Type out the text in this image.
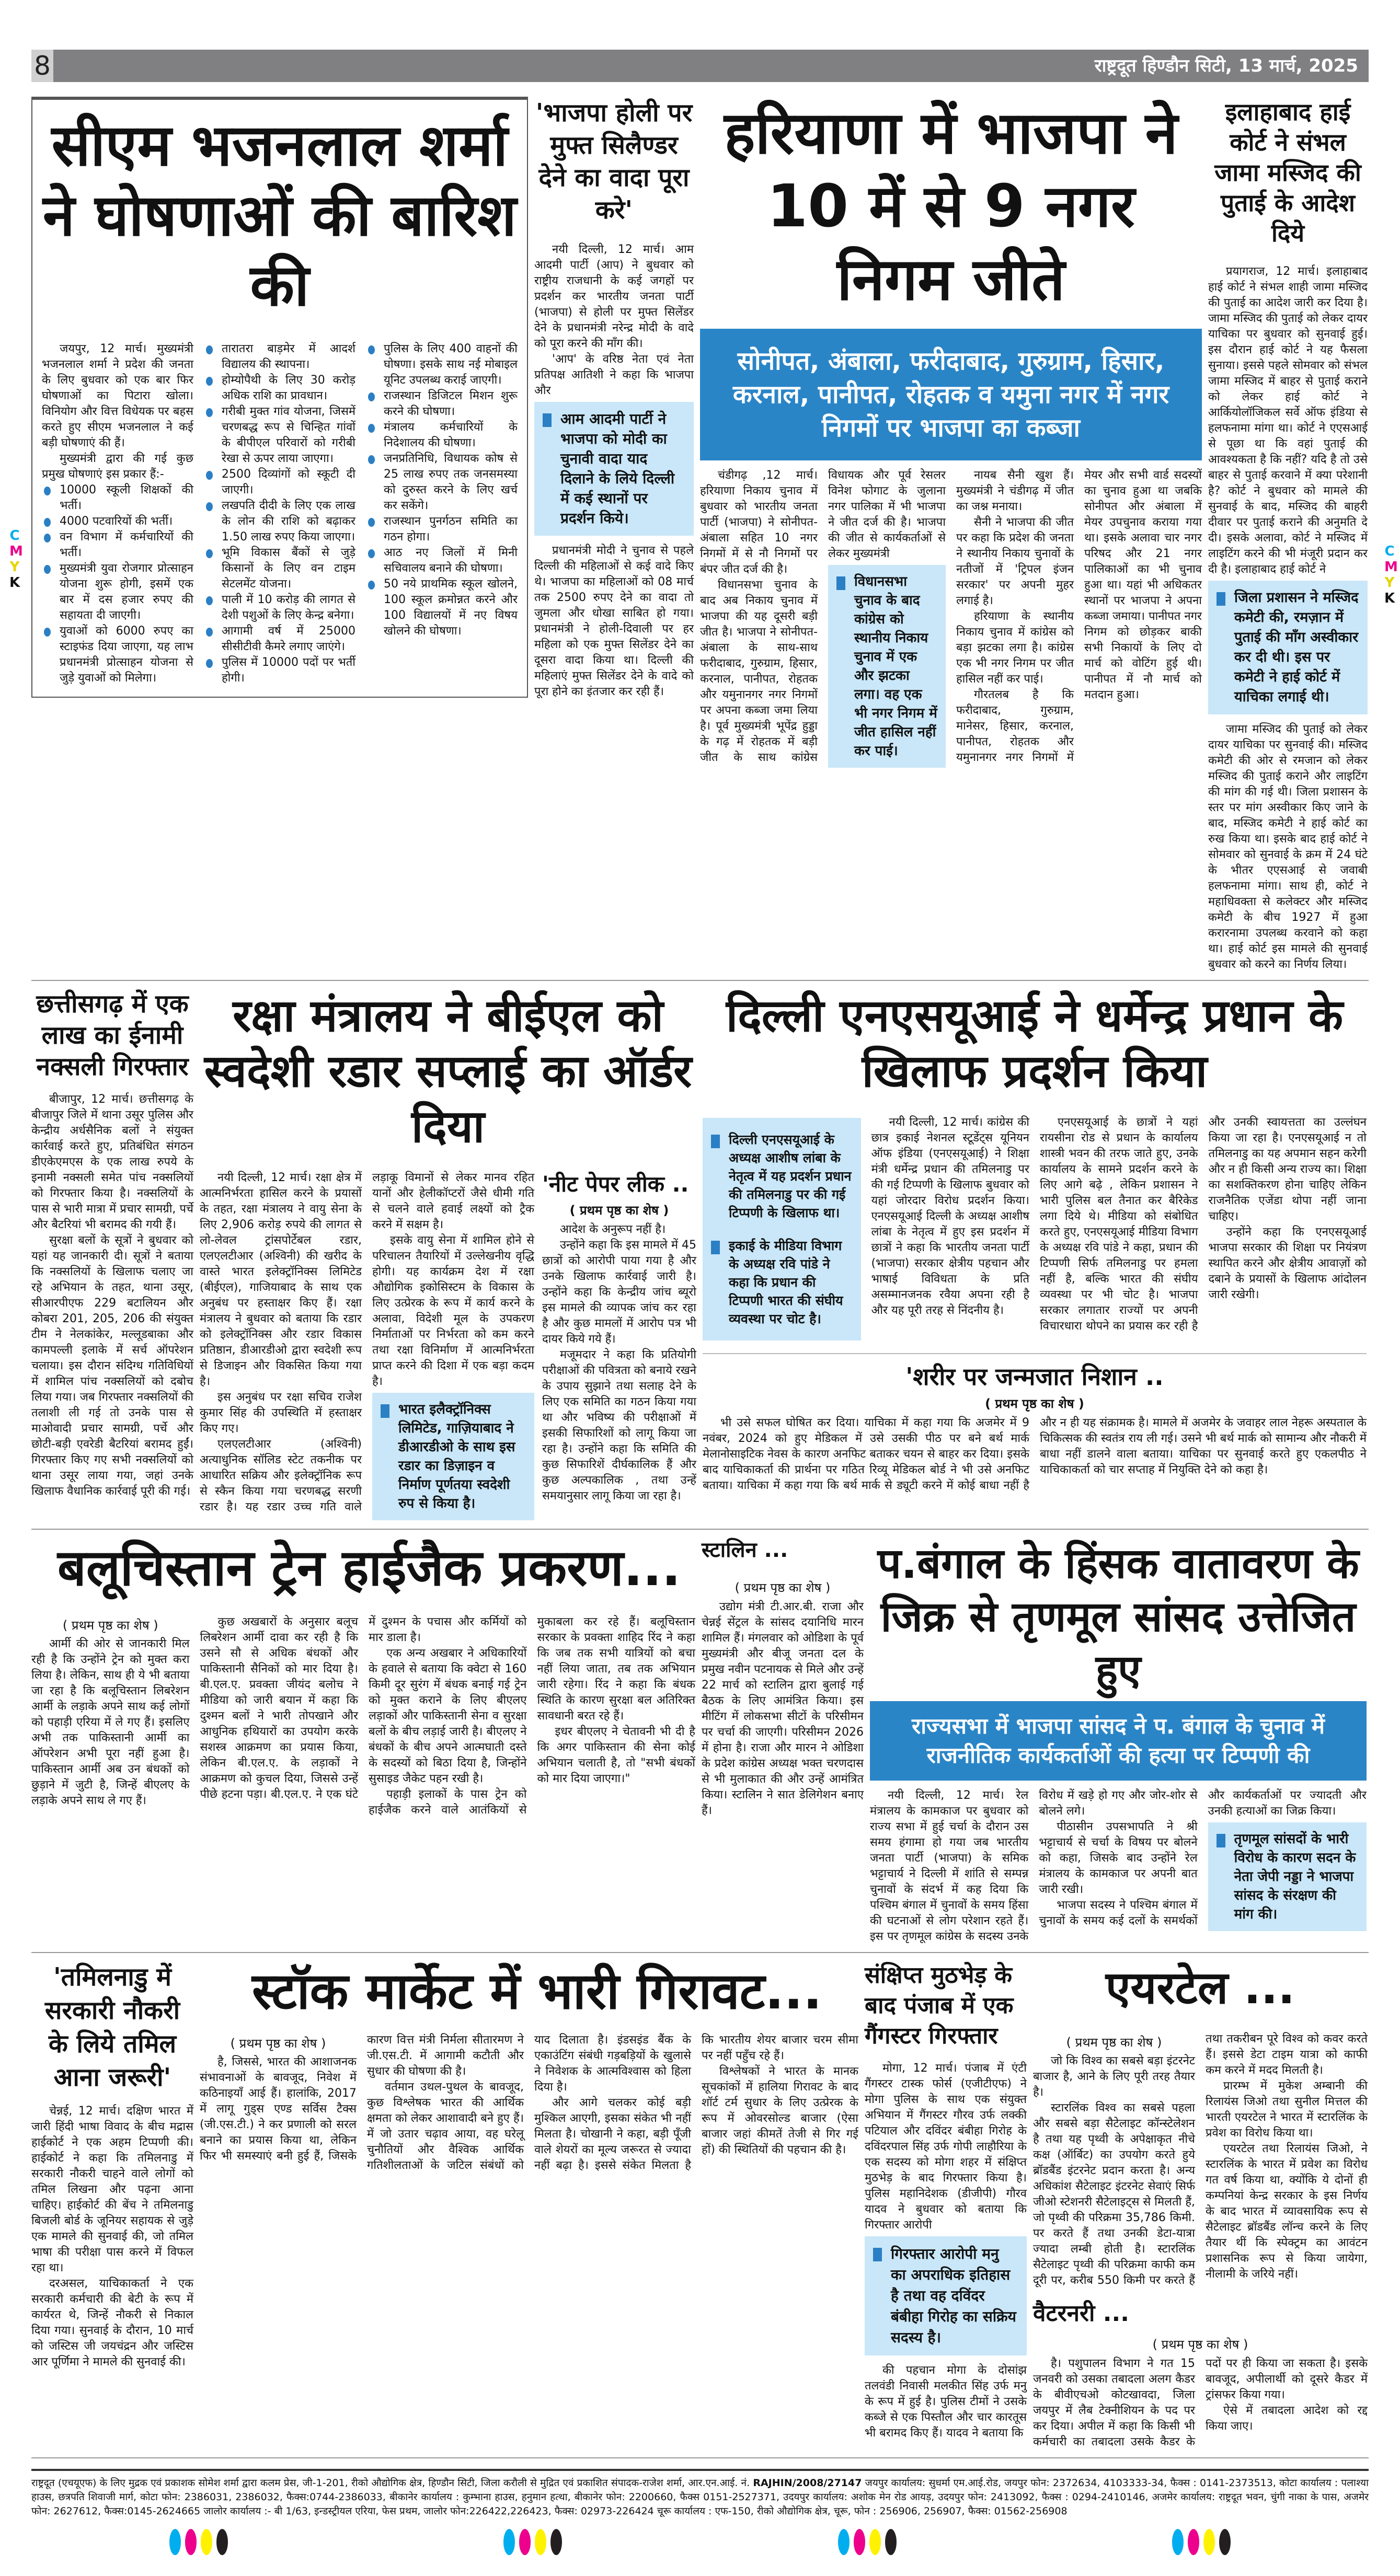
C
M
Y
K
C
M
Y
K
8	राष्ट्रदूत हिण्डौन सिटी, 13 मार्च, 2025
सीएम भजनलाल शर्मा ने घोषणाओं की बारिश की

जयपुर, 12 मार्च। मुख्यमंत्री भजनलाल शर्मा ने प्रदेश की जनता के लिए बुधवार को एक बार फिर घोषणाओं का पिटारा खोला। विनियोग और वित्त विधेयक पर बहस करते हुए सीएम भजनलाल ने कई बड़ी घोषणाएं की हैं।

मुख्यमंत्री द्वारा की गई कुछ प्रमुख घोषणाएं इस प्रकार हैं:-

10000 स्कूली शिक्षकों की भर्ती।

4000 पटवारियों की भर्ती।

वन विभाग में कर्मचारियों की भर्ती।

मुख्यमंत्री युवा रोजगार प्रोत्साहन योजना शुरू होगी, इसमें एक बार में दस हजार रुपए की सहायता दी जाएगी।

युवाओं को 6000 रुपए का स्टाइफंड दिया जाएगा, यह लाभ प्रधानमंत्री प्रोत्साहन योजना से जुड़े युवाओं को मिलेगा।

तारातरा बाड़मेर में आदर्श विद्यालय की स्थापना।

होम्योपैथी के लिए 30 करोड़ अधिक राशि का प्रावधान।

गरीबी मुक्त गांव योजना, जिसमें चरणबद्ध रूप से चिन्हित गांवों के बीपीएल परिवारों को गरीबी रेखा से ऊपर लाया जाएगा।

2500 दिव्यांगों को स्कूटी दी जाएगी।

लखपति दीदी के लिए एक लाख के लोन की राशि को बढ़ाकर 1.50 लाख रुपए किया जाएगा।

भूमि विकास बैंकों से जुड़े किसानों के लिए वन टाइम सेटलमेंट योजना।

पाली में 10 करोड़ की लागत से देशी पशुओं के लिए केन्द्र बनेगा।

आगामी वर्ष में 25000 सीसीटीवी कैमरे लगाए जाएंगे।

पुलिस में 10000 पदों पर भर्ती होगी।

पुलिस के लिए 400 वाहनों की घोषणा। इसके साथ नई मोबाइल यूनिट उपलब्ध कराई जाएगी।

राजस्थान डिजिटल मिशन शुरू करने की घोषणा।

मंत्रालय कर्मचारियों के निदेशालय की घोषणा।

जनप्रतिनिधि, विधायक कोष से 25 लाख रुपए तक जनसमस्या को दुरुस्त करने के लिए खर्च कर सकेंगे।

राजस्थान पुनर्गठन समिति का गठन होगा।

आठ नए जिलों में मिनी सचिवालय बनाने की घोषणा।

50 नये प्राथमिक स्कूल खोलने, 100 स्कूल क्रमोन्नत करने और 100 विद्यालयों में नए विषय खोलने की घोषणा।

'भाजपा होली पर मुफ्त सिलैण्डर देने का वादा पूरा करे'

नयी दिल्ली, 12 मार्च। आम आदमी पार्टी (आप) ने बुधवार को राष्ट्रीय राजधानी के कई जगहों पर प्रदर्शन कर भारतीय जनता पार्टी (भाजपा) से होली पर मुफ्त सिलेंडर देने के प्रधानमंत्री नरेन्द्र मोदी के वादे को पूरा करने की माँग की।

'आप' के वरिष्ठ नेता एवं नेता प्रतिपक्ष आतिशी ने कहा कि भाजपा और

आम आदमी पार्टी ने भाजपा को मोदी का चुनावी वादा याद दिलाने के लिये दिल्ली में कई स्थानों पर प्रदर्शन किये।

प्रधानमंत्री मोदी ने चुनाव से पहले दिल्ली की महिलाओं से कई वादे किए थे। भाजपा का महिलाओं को 08 मार्च तक 2500 रुपए देने का वादा तो जुमला और धोखा साबित हो गया। प्रधानमंत्री ने होली-दिवाली पर हर महिला को एक मुफ्त सिलेंडर देने का दूसरा वादा किया था। दिल्ली की महिलाएं मुफ्त सिलेंडर देने के वादे को पूरा होने का इंतजार कर रही हैं।

हरियाणा में भाजपा ने 10 में से 9 नगर निगम जीते
सोनीपत, अंबाला, फरीदाबाद, गुरुग्राम, हिसार, करनाल, पानीपत, रोहतक व यमुना नगर में नगर निगमों पर भाजपा का कब्जा

चंडीगढ़ ,12 मार्च। हरियाणा निकाय चुनाव में बुधवार को भारतीय जनता पार्टी (भाजपा) ने सोनीपत-अंबाला सहित 10 नगर निगमों में से नौ निगमों पर बंपर जीत दर्ज की है।

विधानसभा चुनाव के बाद अब निकाय चुनाव में भाजपा की यह दूसरी बड़ी जीत है। भाजपा ने सोनीपत-अंबाला के साथ-साथ फरीदाबाद, गुरुग्राम, हिसार, करनाल, पानीपत, रोहतक और यमुनानगर नगर निगमों पर अपना कब्जा जमा लिया है। पूर्व मुख्यमंत्री भूपेंद्र हुड्डा के गढ़ में रोहतक में बड़ी जीत के साथ कांग्रेस विधायक और पूर्व रेसलर विनेश फोगाट के जुलाना नगर पालिका में भी भाजपा ने जीत दर्ज की है। भाजपा की जीत से कार्यकर्ताओं से लेकर मुख्यमंत्री

विधानसभा चुनाव के बाद कांग्रेस को स्थानीय निकाय चुनाव में एक और झटका लगा। वह एक भी नगर निगम में जीत हासिल नहीं कर पाई।

नायब सैनी खुश हैं। मुख्यमंत्री ने चंडीगढ़ में जीत का जश्न मनाया।

सैनी ने भाजपा की जीत पर कहा कि प्रदेश की जनता ने स्थानीय निकाय चुनावों के नतीजों में 'ट्रिपल इंजन सरकार' पर अपनी मुहर लगाई है।

हरियाणा के स्थानीय निकाय चुनाव में कांग्रेस को बड़ा झटका लगा है। कांग्रेस एक भी नगर निगम पर जीत हासिल नहीं कर पाई।

गौरतलब है कि फरीदाबाद, गुरुग्राम, मानेसर, हिसार, करनाल, पानीपत, रोहतक और यमुनानगर नगर निगमों में मेयर और सभी वार्ड सदस्यों का चुनाव हुआ था जबकि सोनीपत और अंबाला में मेयर उपचुनाव कराया गया था। इसके अलावा चार नगर परिषद और 21 नगर पालिकाओं का भी चुनाव हुआ था। यहां भी अधिकतर स्थानों पर भाजपा ने अपना कब्जा जमाया। पानीपत नगर निगम को छोड़कर बाकी सभी निकायों के लिए दो मार्च को वोटिंग हुई थी। पानीपत में नौ मार्च को मतदान हुआ।

इलाहाबाद हाई कोर्ट ने संभल जामा मस्जिद की पुताई के आदेश दिये

प्रयागराज, 12 मार्च। इलाहाबाद हाई कोर्ट ने संभल शाही जामा मस्जिद की पुताई का आदेश जारी कर दिया है। जामा मस्जिद की पुताई को लेकर दायर याचिका पर बुधवार को सुनवाई हुई। इस दौरान हाई कोर्ट ने यह फैसला सुनाया। इससे पहले सोमवार को संभल जामा मस्जिद में बाहर से पुताई कराने को लेकर हाई कोर्ट ने आर्कियोलॉजिकल सर्वे ऑफ इंडिया से हलफनामा मांगा था। कोर्ट ने एएसआई से पूछा था कि वहां पुताई की आवश्यकता है कि नहीं? यदि है तो उसे बाहर से पुताई करवाने में क्या परेशानी है? कोर्ट ने बुधवार को मामले की सुनवाई के बाद, मस्जिद की बाहरी दीवार पर पुताई कराने की अनुमति दे दी। इसके अलावा, कोर्ट ने मस्जिद में लाइटिंग करने की भी मंजूरी प्रदान कर दी है। इलाहाबाद हाई कोर्ट ने

जिला प्रशासन ने मस्जिद कमेटी की, रमज़ान में पुताई की माँग अस्वीकार कर दी थी। इस पर कमेटी ने हाई कोर्ट में याचिका लगाई थी।

जामा मस्जिद की पुताई को लेकर दायर याचिका पर सुनवाई की। मस्जिद कमेटी की ओर से रमजान को लेकर मस्जिद की पुताई कराने और लाइटिंग की मांग की गई थी। जिला प्रशासन के स्तर पर मांग अस्वीकार किए जाने के बाद, मस्जिद कमेटी ने हाई कोर्ट का रुख किया था। इसके बाद हाई कोर्ट ने सोमवार को सुनवाई के क्रम में 24 घंटे के भीतर एएसआई से जवाबी हलफनामा मांगा। साथ ही, कोर्ट ने महाधिवक्ता से कलेक्टर और मस्जिद कमेटी के बीच 1927 में हुआ करारनामा उपलब्ध करवाने को कहा था। हाई कोर्ट इस मामले की सुनवाई बुधवार को करने का निर्णय लिया।

छत्तीसगढ़ में एक लाख का ईनामी नक्सली गिरफ्तार

बीजापुर, 12 मार्च। छत्तीसगढ़ के बीजापुर जिले में थाना उसूर पुलिस और केन्द्रीय अर्धसैनिक बलों ने संयुक्त कार्रवाई करते हुए, प्रतिबंधित संगठन डीएकेएमएस के एक लाख रुपये के इनामी नक्सली समेत पांच नक्सलियों को गिरफ्तार किया है। नक्सलियों के पास से भारी मात्रा में प्रचार सामग्री, पर्चे और बैटरियां भी बरामद की गयी हैं।

सुरक्षा बलों के सूत्रों ने बुधवार को यहां यह जानकारी दी। सूत्रों ने बताया कि नक्सलियों के खिलाफ चलाए जा रहे अभियान के तहत, थाना उसूर, सीआरपीएफ 229 बटालियन और कोबरा 201, 205, 206 की संयुक्त टीम ने नेलकांकेर, मल्लूडबाका और कामपल्ली इलाके में सर्च ऑपरेशन चलाया। इस दौरान संदिग्ध गतिविधियों में शामिल पांच नक्सलियों को दबोच लिया गया। जब गिरफ्तार नक्सलियों की तलाशी ली गई तो उनके पास से माओवादी प्रचार सामग्री, पर्चे और छोटी-बड़ी एवरेडी बैटरियां बरामद हुईं। गिरफ्तार किए गए सभी नक्सलियों को थाना उसूर लाया गया, जहां उनके खिलाफ वैधानिक कार्रवाई पूरी की गई।

रक्षा मंत्रालय ने बीईएल को स्वदेशी रडार सप्लाई का ऑर्डर दिया

नयी दिल्ली, 12 मार्च। रक्षा क्षेत्र में आत्मनिर्भरता हासिल करने के प्रयासों के तहत, रक्षा मंत्रालय ने वायु सेना के लिए 2,906 करोड़ रुपये की लागत से लो-लेवल ट्रांसपोर्टेबल रडार, एलएलटीआर (अश्विनी) की खरीद के वास्ते भारत इलेक्ट्रॉनिक्स लिमिटेड (बीईएल), गाजियाबाद के साथ एक अनुबंध पर हस्ताक्षर किए हैं। रक्षा मंत्रालय ने बुधवार को बताया कि रडार को इलेक्ट्रॉनिक्स और रडार विकास प्रतिष्ठान, डीआरडीओ द्वारा स्वदेशी रूप से डिजाइन और विकसित किया गया है।

इस अनुबंध पर रक्षा सचिव राजेश कुमार सिंह की उपस्थिति में हस्ताक्षर किए गए।

एलएलटीआर (अश्विनी) अत्याधुनिक सॉलिड स्टेट तकनीक पर आधारित सक्रिय और इलेक्ट्रॉनिक रूप से स्कैन किया गया चरणबद्ध सरणी रडार है। यह रडार उच्च गति वाले लड़ाकू विमानों से लेकर मानव रहित यानों और हेलीकॉप्टरों जैसे धीमी गति से चलने वाले हवाई लक्ष्यों को ट्रैक करने में सक्षम है।

इसके वायु सेना में शामिल होने से परिचालन तैयारियों में उल्लेखनीय वृद्धि होगी। यह कार्यक्रम देश में रक्षा औद्योगिक इकोसिस्टम के विकास के लिए उत्प्रेरक के रूप में कार्य करने के अलावा, विदेशी मूल के उपकरण निर्माताओं पर निर्भरता को कम करने तथा रक्षा विनिर्माण में आत्मनिर्भरता प्राप्त करने की दिशा में एक बड़ा कदम है।

भारत इलैक्ट्रॉनिक्स लिमिटेड, गाज़ियाबाद ने डीआरडीओ के साथ इस रडार का डिज़ाइन व निर्माण पूर्णतया स्वदेशी रुप से किया है।
'नीट पेपर लीक ..
( प्रथम पृष्ठ का शेष )

आदेश के अनुरूप नहीं है।

उन्होंने कहा कि इस मामले में 45 छात्रों को आरोपी पाया गया है और उनके खिलाफ कार्रवाई जारी है। उन्होंने कहा कि केन्द्रीय जांच ब्यूरो इस मामले की व्यापक जांच कर रहा है और कुछ मामलों में आरोप पत्र भी दायर किये गये हैं।

मजूमदार ने कहा कि प्रतियोगी परीक्षाओं की पवित्रता को बनाये रखने के उपाय सुझाने तथा सलाह देने के लिए एक समिति का गठन किया गया था और भविष्य की परीक्षाओं में इसकी सिफारिशों को लागू किया जा रहा है। उन्होंने कहा कि समिति की कुछ सिफारिशें दीर्घकालिक हैं और कुछ अल्पकालिक , तथा उन्हें समयानुसार लागू किया जा रहा है।

दिल्ली एनएसयूआई ने धर्मेन्द्र प्रधान के खिलाफ प्रदर्शन किया
दिल्ली एनएसयूआई के अध्यक्ष आशीष लांबा के नेतृत्व में यह प्रदर्शन प्रधान की तमिलनाडु पर की गई टिप्पणी के खिलाफ था।
इकाई के मीडिया विभाग के अध्यक्ष रवि पांडे ने कहा कि प्रधान की टिप्पणी भारत की संघीय व्यवस्था पर चोट है।

नयी दिल्ली, 12 मार्च। कांग्रेस की छात्र इकाई नेशनल स्टूडेंट्स यूनियन ऑफ इंडिया (एनएसयूआई) ने शिक्षा मंत्री धर्मेन्द्र प्रधान की तमिलनाडु पर की गई टिप्पणी के खिलाफ बुधवार को यहां जोरदार विरोध प्रदर्शन किया। एनएसयूआई दिल्ली के अध्यक्ष आशीष लांबा के नेतृत्व में हुए इस प्रदर्शन में छात्रों ने कहा कि भारतीय जनता पार्टी (भाजपा) सरकार क्षेत्रीय पहचान और भाषाई विविधता के प्रति असम्मानजनक रवैया अपना रही है और यह पूरी तरह से निंदनीय है।

एनएसयूआई के छात्रों ने यहां रायसीना रोड से प्रधान के कार्यालय शास्त्री भवन की तरफ जाते हुए, उनके कार्यालय के सामने प्रदर्शन करने के लिए आगे बढ़े , लेकिन प्रशासन ने भारी पुलिस बल तैनात कर बैरिकेड लगा दिये थे। मीडिया को संबोधित करते हुए, एनएसयूआई मीडिया विभाग के अध्यक्ष रवि पांडे ने कहा, प्रधान की टिप्पणी सिर्फ तमिलनाडु पर हमला नहीं है, बल्कि भारत की संघीय व्यवस्था पर भी चोट है। भाजपा सरकार लगातार राज्यों पर अपनी विचारधारा थोपने का प्रयास कर रही है और उनकी स्वायत्तता का उल्लंघन किया जा रहा है। एनएसयूआई न तो तमिलनाडु का यह अपमान सहन करेगी और न ही किसी अन्य राज्य का। शिक्षा का सशक्तिकरण होना चाहिए लेकिन राजनैतिक एजेंडा थोपा नहीं जाना चाहिए।

उन्होंने कहा कि एनएसयूआई भाजपा सरकार की शिक्षा पर नियंत्रण स्थापित करने और क्षेत्रीय आवाज़ों को दबाने के प्रयासों के खिलाफ आंदोलन जारी रखेगी।

'शरीर पर जन्मजात निशान ..
( प्रथम पृष्ठ का शेष )

भी उसे सफल घोषित कर दिया। याचिका में कहा गया कि अजमेर में 9 नवंबर, 2024 को हुए मेडिकल में उसे उसकी पीठ पर बने बर्थ मार्क मेलानोसाइटिक नेवस के कारण अनफिट बताकर चयन से बाहर कर दिया। इसके बाद याचिकाकर्ता की प्रार्थना पर गठित रिव्यू मेडिकल बोर्ड ने भी उसे अनफिट बताया। याचिका में कहा गया कि बर्थ मार्क से ड्यूटी करने में कोई बाधा नहीं है और न ही यह संक्रामक है। मामले में अजमेर के जवाहर लाल नेहरू अस्पताल के चिकित्सक की स्वतंत्र राय ली गई। उसने भी बर्थ मार्क को सामान्य और नौकरी में बाधा नहीं डालने वाला बताया। याचिका पर सुनवाई करते हुए एकलपीठ ने याचिकाकर्ता को चार सप्ताह में नियुक्ति देने को कहा है।

बलूचिस्तान ट्रेन हाईजैक प्रकरण...
( प्रथम पृष्ठ का शेष )

आर्मी की ओर से जानकारी मिल रही है कि उन्होंने ट्रेन को मुक्त करा लिया है। लेकिन, साथ ही ये भी बताया जा रहा है कि बलूचिस्तान लिबरेशन आर्मी के लड़ाके अपने साथ कई लोगों को पहाड़ी एरिया में ले गए हैं। इसलिए अभी तक पाकिस्तानी आर्मी का ऑपरेशन अभी पूरा नहीं हुआ है। पाकिस्तान आर्मी अब उन बंधकों को छुड़ाने में जुटी है, जिन्हें बीएलए के लड़ाके अपने साथ ले गए हैं।

कुछ अखबारों के अनुसार बलूच लिबरेशन आर्मी दावा कर रही है कि उसने सौ से अधिक बंधकों और पाकिस्तानी सैनिकों को मार दिया है। बी.एल.ए. प्रवक्ता जीयंद बलोच ने मीडिया को जारी बयान में कहा कि दुश्मन बलों ने भारी तोपखाने और आधुनिक हथियारों का उपयोग करके सशस्त्र आक्रमण का प्रयास किया, लेकिन बी.एल.ए. के लड़ाकों ने आक्रमण को कुचल दिया, जिससे उन्हें पीछे हटना पड़ा। बी.एल.ए. ने एक घंटे में दुश्मन के पचास और कर्मियों को मार डाला है।

एक अन्य अखबार ने अधिकारियों के हवाले से बताया कि क्वेटा से 160 किमी दूर सुरंग में बंधक बनाई गई ट्रेन को मुक्त कराने के लिए बीएलए लड़ाकों और पाकिस्तानी सेना व सुरक्षा बलों के बीच लड़ाई जारी है। बीएलए ने बंधकों के बीच अपने आत्मघाती दस्ते के सदस्यों को बिठा दिया है, जिन्होंने सुसाइड जैकेट पहन रखी है।

पहाड़ी इलाकों के पास ट्रेन को हाईजैक करने वाले आतंकियों से मुकाबला कर रहे हैं। बलूचिस्तान सरकार के प्रवक्ता शाहिद रिंद ने कहा कि जब तक सभी यात्रियों को बचा नहीं लिया जाता, तब तक अभियान जारी रहेगा। रिंद ने कहा कि बंधक स्थिति के कारण सुरक्षा बल अतिरिक्त सावधानी बरत रहे हैं।

इधर बीएलए ने चेतावनी भी दी है कि अगर पाकिस्तान की सेना कोई अभियान चलाती है, तो "सभी बंधकों को मार दिया जाएगा।"

स्टालिन ...
( प्रथम पृष्ठ का शेष )

उद्योग मंत्री टी.आर.बी. राजा और चेन्नई सेंट्रल के सांसद दयानिधि मारन शामिल हैं। मंगलवार को ओडिशा के पूर्व मुख्यमंत्री और बीजू जनता दल के प्रमुख नवीन पटनायक से मिले और उन्हें 22 मार्च को स्टालिन द्वारा बुलाई गई बैठक के लिए आमंत्रित किया। इस मीटिंग में लोकसभा सीटों के परिसीमन पर चर्चा की जाएगी। परिसीमन 2026 में होना है। राजा और मारन ने ओडिशा के प्रदेश कांग्रेस अध्यक्ष भक्त चरणदास से भी मुलाकात की और उन्हें आमंत्रित किया। स्टालिन ने सात डेलिगेशन बनाए हैं।

प.बंगाल के हिंसक वातावरण के जिक्र से तृणमूल सांसद उत्तेजित हुए
राज्यसभा में भाजपा सांसद ने प. बंगाल के चुनाव में राजनीतिक कार्यकर्ताओं की हत्या पर टिप्पणी की

नयी दिल्ली, 12 मार्च। रेल मंत्रालय के कामकाज पर बुधवार को राज्य सभा में हुई चर्चा के दौरान उस समय हंगामा हो गया जब भारतीय जनता पार्टी (भाजपा) के समिक भट्टाचार्य ने दिल्ली में शांति से सम्पन्न चुनावों के संदर्भ में कह दिया कि पश्चिम बंगाल में चुनावों के समय हिंसा की घटनाओं से लोग परेशान रहते हैं। इस पर तृणमूल कांग्रेस के सदस्य उनके विरोध में खड़े हो गए और जोर-शोर से बोलने लगे।

पीठासीन उपसभापति ने श्री भट्टाचार्य से चर्चा के विषय पर बोलने को कहा, जिसके बाद उन्होंने रेल मंत्रालय के कामकाज पर अपनी बात जारी रखी।

भाजपा सदस्य ने पश्चिम बंगाल में चुनावों के समय कई दलों के समर्थकों और कार्यकर्ताओं पर ज्यादती और उनकी हत्याओं का जिक्र किया।

तृणमूल सांसदों के भारी विरोध के कारण सदन के नेता जेपी नड्डा ने भाजपा सांसद के संरक्षण की मांग की।
'तमिलनाडु में सरकारी नौकरी के लिये तमिल आना जरूरी'

चेन्नई, 12 मार्च। दक्षिण भारत में जारी हिंदी भाषा विवाद के बीच मद्रास हाईकोर्ट ने एक अहम टिप्पणी की। हाईकोर्ट ने कहा कि तमिलनाडु में सरकारी नौकरी चाहने वाले लोगों को तमिल लिखना और पढ़ना आना चाहिए। हाईकोर्ट की बेंच ने तमिलनाडु बिजली बोर्ड के जूनियर सहायक से जुड़े एक मामले की सुनवाई की, जो तमिल भाषा की परीक्षा पास करने में विफल रहा था।

दरअसल, याचिकाकर्ता ने एक सरकारी कर्मचारी की बेटी के रूप में कार्यरत थे, जिन्हें नौकरी से निकाल दिया गया। सुनवाई के दौरान, 10 मार्च को जस्टिस जी जयचंद्रन और जस्टिस आर पूर्णिमा ने मामले की सुनवाई की।

स्टॉक मार्केट में भारी गिरावट...
( प्रथम पृष्ठ का शेष )

है, जिससे, भारत की आशाजनक संभावनाओं के बावजूद, निवेश में कठिनाइयाँ आई हैं। हालांकि, 2017 में लागू गुड्स एण्ड सर्विस टैक्स (जी.एस.टी.) ने कर प्रणाली को सरल बनाने का प्रयास किया था, लेकिन फिर भी समस्याएं बनी हुई हैं, जिसके कारण वित्त मंत्री निर्मला सीतारमण ने जी.एस.टी. में आगामी कटौती और सुधार की घोषणा की है।

वर्तमान उथल-पुथल के बावजूद, कुछ विश्लेषक भारत की आर्थिक क्षमता को लेकर आशावादी बने हुए हैं। में जो उतार चढ़ाव आया, वह घरेलू चुनौतियों और वैश्विक आर्थिक गतिशीलताओं के जटिल संबंधों को याद दिलाता है। इंडसइंड बैंक के एकाउंटिंग संबंधी गड़बड़ियों के खुलासे ने निवेशक के आत्मविश्वास को हिला दिया है।

और आगे चलकर कोई बड़ी मुश्किल आएगी, इसका संकेत भी नहीं मिलता है। चोखानी ने कहा, बड़ी पूँजी वाले शेयरों का मूल्य जरूरत से ज्यादा नहीं बढ़ा है। इससे संकेत मिलता है कि भारतीय शेयर बाजार चरम सीमा पर नहीं पहुँच रहे हैं।

विश्लेषकों ने भारत के मानक सूचकांकों में हालिया गिरावट के बाद शॉर्ट टर्म सुधार के लिए उत्प्रेरक के रूप में ओवरसोल्ड बाजार (ऐसा बाजार जहां कीमतें तेजी से गिर गई हों) की स्थितियों की पहचान की है।

संक्षिप्त मुठभेड़ के बाद पंजाब में एक गैंगस्टर गिरफ्तार

मोगा, 12 मार्च। पंजाब में एंटी गैंगस्टर टास्क फोर्स (एजीटीएफ) ने मोगा पुलिस के साथ एक संयुक्त अभियान में गैंगस्टर गौरव उर्फ लक्की पटियाल और दविंदर बंबीहा गिरोह के दविंदरपाल सिंह उर्फ गोपी लाहौरिया के एक सदस्य को मोगा शहर में संक्षिप्त मुठभेड़ के बाद गिरफ्तार किया है। पुलिस महानिदेशक (डीजीपी) गौरव यादव ने बुधवार को बताया कि गिरफ्तार आरोपी

गिरफ्तार आरोपी मनु का अपराधिक इतिहास है तथा वह दविंदर बंबीहा गिरोह का सक्रिय सदस्य है।

की पहचान मोगा के दोसांझ तलवंडी निवासी मलकीत सिंह उर्फ मनु के रूप में हुई है। पुलिस टीमों ने उसके कब्जे से एक पिस्तौल और चार कारतूस भी बरामद किए हैं। यादव ने बताया कि

एयरटेल ...
( प्रथम पृष्ठ का शेष )

जो कि विश्व का सबसे बड़ा इंटरनेट बाजार है, आने के लिए पूरी तरह तैयार है।

स्टारलिंक विश्व का सबसे पहला और सबसे बड़ा सैटेलाइट कॉन्स्टेलेशन है तथा यह पृथ्वी के अपेक्षाकृत नीचे कक्ष (ऑर्बिट) का उपयोग करते हुये ब्रॉडबैंड इंटरनेट प्रदान करता है। अन्य अधिकांश सैटेलाइट इंटरनेट सेवाएं सिर्फ जीओ स्टेशनरी सैटेलाइट्स से मिलती हैं, जो पृथ्वी की परिक्रमा 35,786 किमी. पर करते हैं तथा उनकी डेटा-यात्रा ज्यादा लम्बी होती है। स्टारलिंक सैटेलाइट पृथ्वी की परिक्रमा काफी कम दूरी पर, करीब 550 किमी पर करते हैं तथा तकरीबन पूरे विश्व को कवर करते हैं। इससे डेटा टाइम यात्रा को काफी कम करने में मदद मिलती है।

प्रारम्भ में मुकेश अम्बानी की रिलायंस जिओ तथा सुनील मित्तल की भारती एयरटेल ने भारत में स्टारलिंक के प्रवेश का विरोध किया था।

एयरटेल तथा रिलायंस जिओ, ने स्टारलिंक के भारत में प्रवेश का विरोध गत वर्ष किया था, क्योंकि ये दोनों ही कम्पनियां केन्द्र सरकार के इस निर्णय के बाद भारत में व्यावसायिक रूप से सैटेलाइट ब्रॉडबैंड लॉन्च करने के लिए तैयार थीं कि स्पेक्ट्रम का आवंटन प्रशासनिक रूप से किया जायेगा, नीलामी के जरिये नहीं।

वैटरनरी ...
( प्रथम पृष्ठ का शेष )

है। पशुपालन विभाग ने गत 15 जनवरी को उसका तबादला अलग कैडर के बीवीएचओ कोटखावदा, जिला जयपुर में लैब टेक्नीशियन के पद पर कर दिया। अपील में कहा कि किसी भी कर्मचारी का तबादला उसके कैडर के पदों पर ही किया जा सकता है। इसके बावजूद, अपीलार्थी को दूसरे कैडर में ट्रांसफर किया गया।

ऐसे में तबादला आदेश को रद्द किया जाए।

राष्ट्रदूत (एचयूएफ) के लिए मुद्रक एवं प्रकाशक सोमेश शर्मा द्वारा कलम प्रेस, जी-1-201, रीको औद्योगिक क्षेत्र, हिण्डौन सिटी, जिला करौली से मुद्रित एवं प्रकाशित संपादक-राजेश शर्मा, आर.एन.आई. नं. RAJHIN/2008/27147 जयपुर कार्यालय: सुधर्मा एम.आई.रोड, जयपुर फोन: 2372634, 4103333-34, फैक्स : 0141-2373513, कोटा कार्यालय : पलाश्या हाउस, छत्रपति शिवाजी मार्ग, कोटा फोन: 2386031, 2386032, फैक्स:0744-2386033, बीकानेर कार्यालय : कुम्भाना हाउस, हनुमान हत्था, बीकानेर फोन: 2200660, फैक्स 0151-2527371, उदयपुर कार्यालय: अशोक मेन रोड आयड़, उदयपुर फोन: 2413092, फैक्स : 0294-2410146, अजमेर कार्यालय: राष्ट्रदूत भवन, चुंगी नाका के पास, अजमेर फोन: 2627612, फैक्स:0145-2624665 जालोर कार्यालय :- बी 1/63, इन्डस्ट्रीयल एरिया, फेस प्रथम, जालोर फोन:226422,226423, फैक्स: 02973-226424 चूरू कार्यालय : एफ-150, रीको औद्योगिक क्षेत्र, चूरू, फोन : 256906, 256907, फैक्स: 01562-256908
